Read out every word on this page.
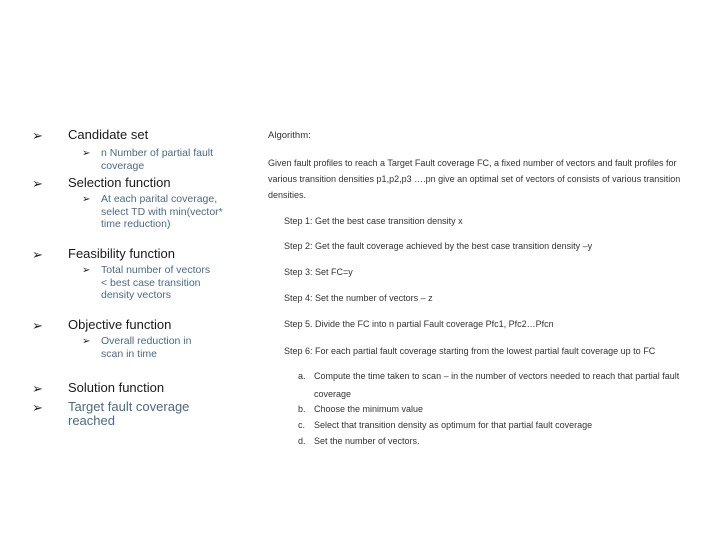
➢ Candidate set
➢ n Number of partial fault coverage
➢ Selection function
➢ At each parital coverage, select TD with min(vector* time reduction)
➢ Feasibility function
➢ Total number of vectors < best case transition density vectors
➢ Objective function
➢ Overall reduction in scan in time
➢ Solution function
➢ Target fault coverage reached
Algorithm:
Given fault profiles to reach a Target Fault coverage FC, a fixed number of vectors and fault profiles for
various transition densities p1,p2,p3 ….pn give an optimal set of vectors of consists of various transition
densities.
Step 1: Get the best case transition density x
Step 2: Get the fault coverage achieved by the best case transition density –y
Step 3: Set FC=y
Step 4: Set the number of vectors – z
Step 5. Divide the FC into n partial Fault coverage Pfc1, Pfc2…Pfcn
Step 6: For each partial fault coverage starting from the lowest partial fault coverage up to FC
a. Compute the time taken to scan – in the number of vectors needed to reach that partial fault
coverage
b. Choose the minimum value
c. Select that transition density as optimum for that partial fault coverage
d. Set the number of vectors.
